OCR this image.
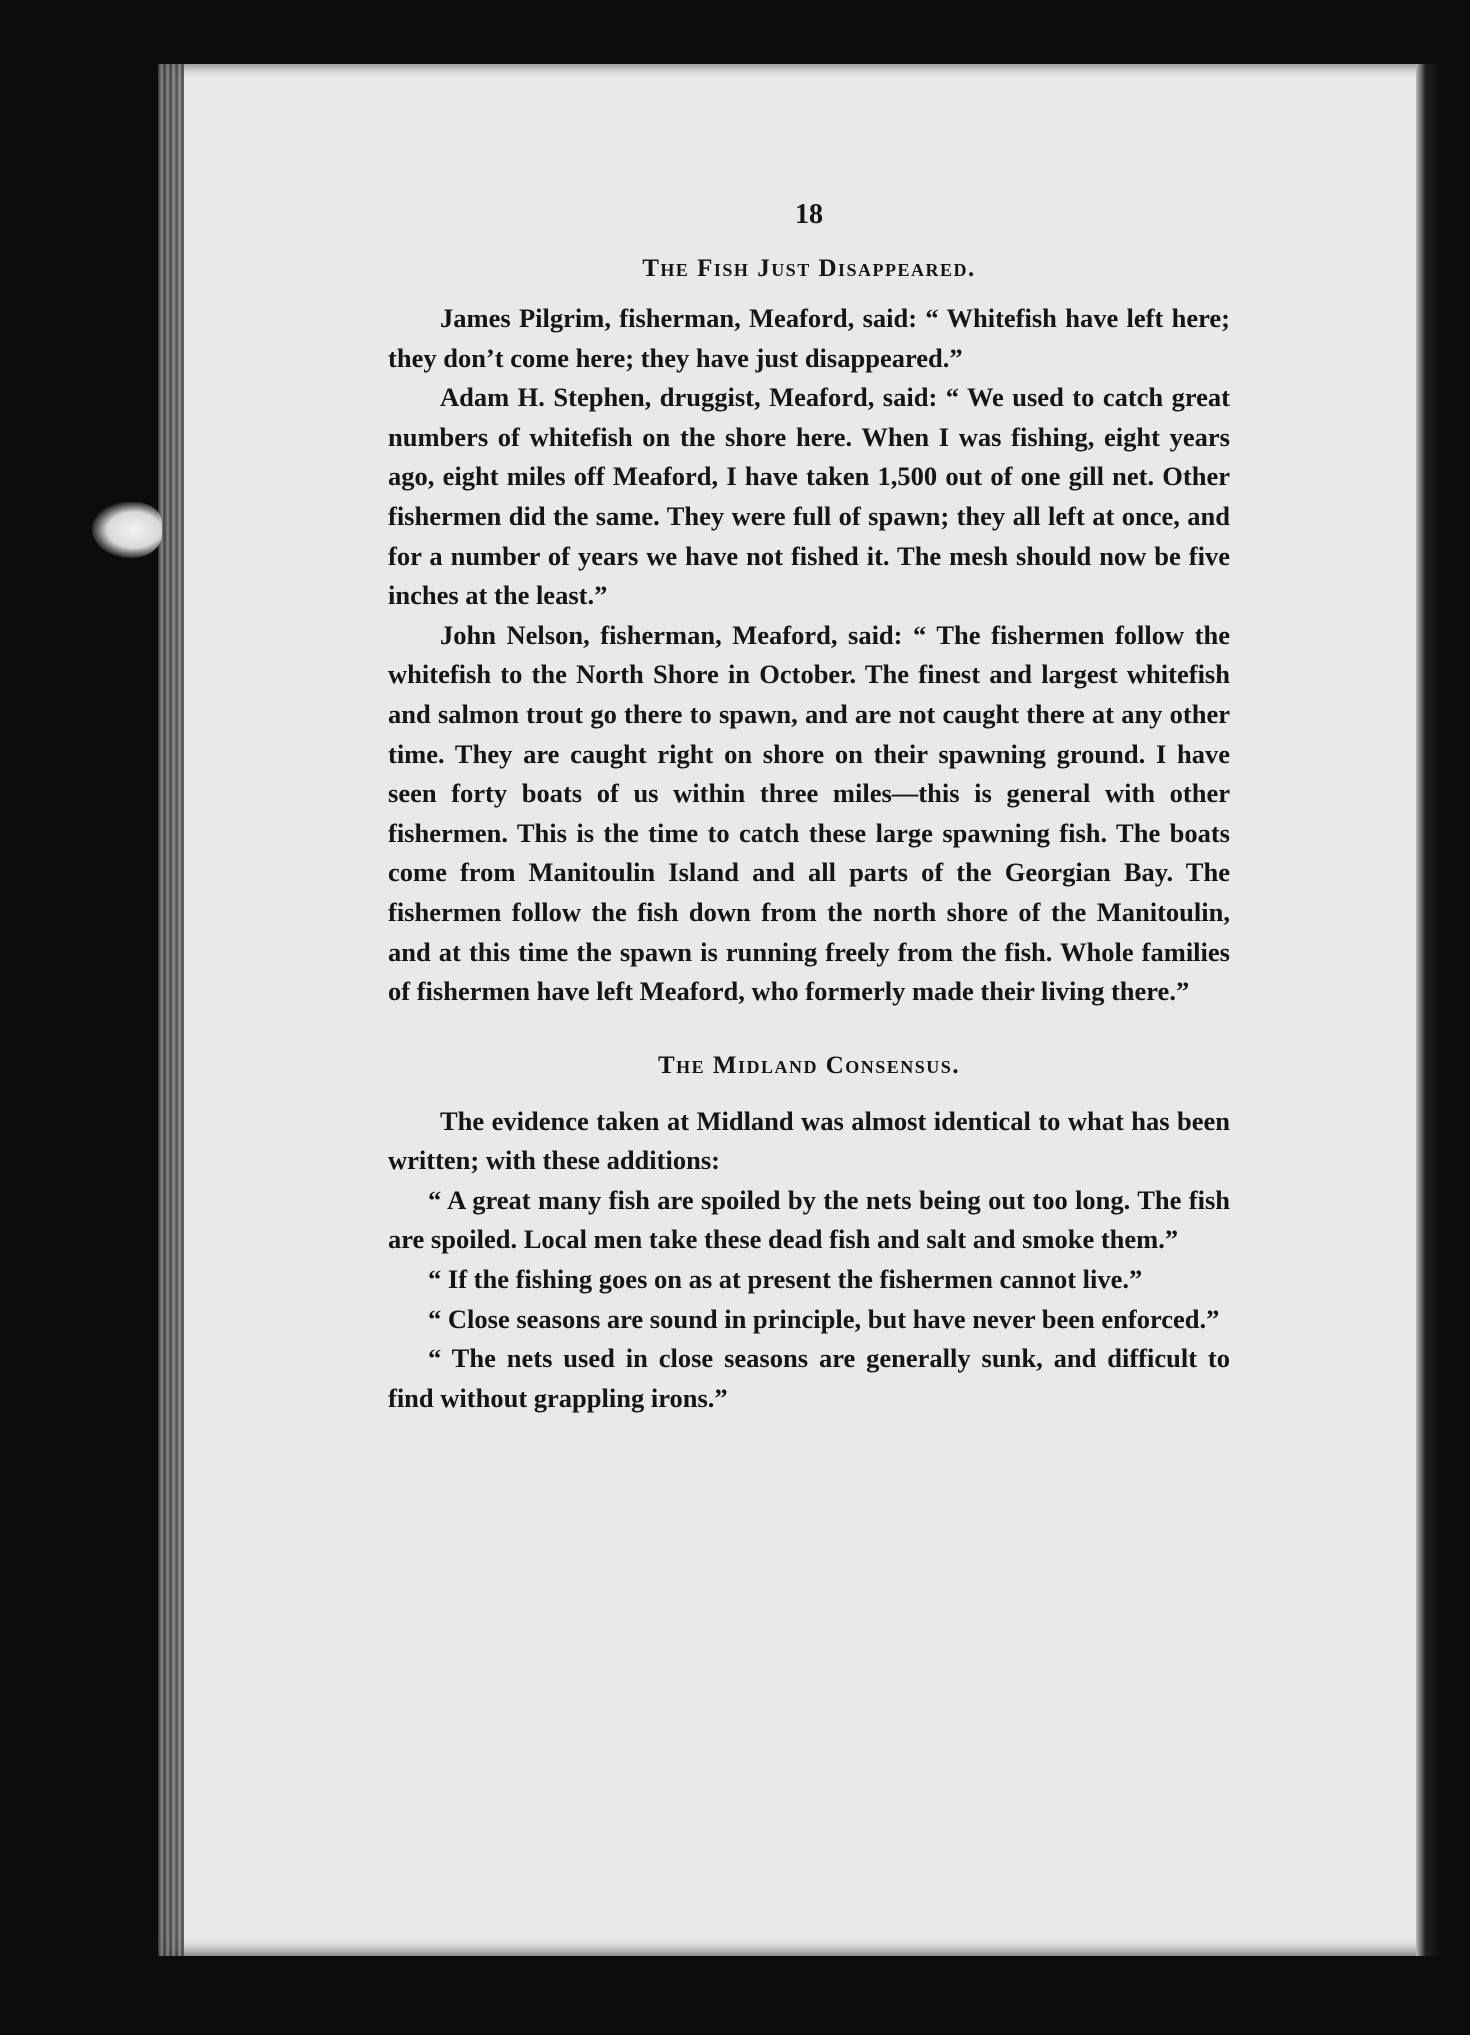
18
The Fish Just Disappeared.

James Pilgrim, fisherman, Meaford, said: “ Whitefish have left here; they don’t come here; they have just disappeared.”

Adam H. Stephen, druggist, Meaford, said: “ We used to catch great numbers of whitefish on the shore here. When I was fishing, eight years ago, eight miles off Meaford, I have taken 1,500 out of one gill net. Other fishermen did the same. They were full of spawn; they all left at once, and for a number of years we have not fished it. The mesh should now be five inches at the least.”

John Nelson, fisherman, Meaford, said: “ The fishermen follow the whitefish to the North Shore in October. The finest and largest whitefish and salmon trout go there to spawn, and are not caught there at any other time. They are caught right on shore on their spawning ground. I have seen forty boats of us within three miles—this is general with other fishermen. This is the time to catch these large spawning fish. The boats come from Manitoulin Island and all parts of the Georgian Bay. The fishermen follow the fish down from the north shore of the Manitoulin, and at this time the spawn is running freely from the fish. Whole families of fishermen have left Meaford, who formerly made their living there.”

The Midland Consensus.

The evidence taken at Midland was almost identical to what has been written; with these additions:

“ A great many fish are spoiled by the nets being out too long. The fish are spoiled. Local men take these dead fish and salt and smoke them.”

“ If the fishing goes on as at present the fishermen cannot live.”

“ Close seasons are sound in principle, but have never been enforced.”

“ The nets used in close seasons are generally sunk, and difficult to find without grappling irons.”
